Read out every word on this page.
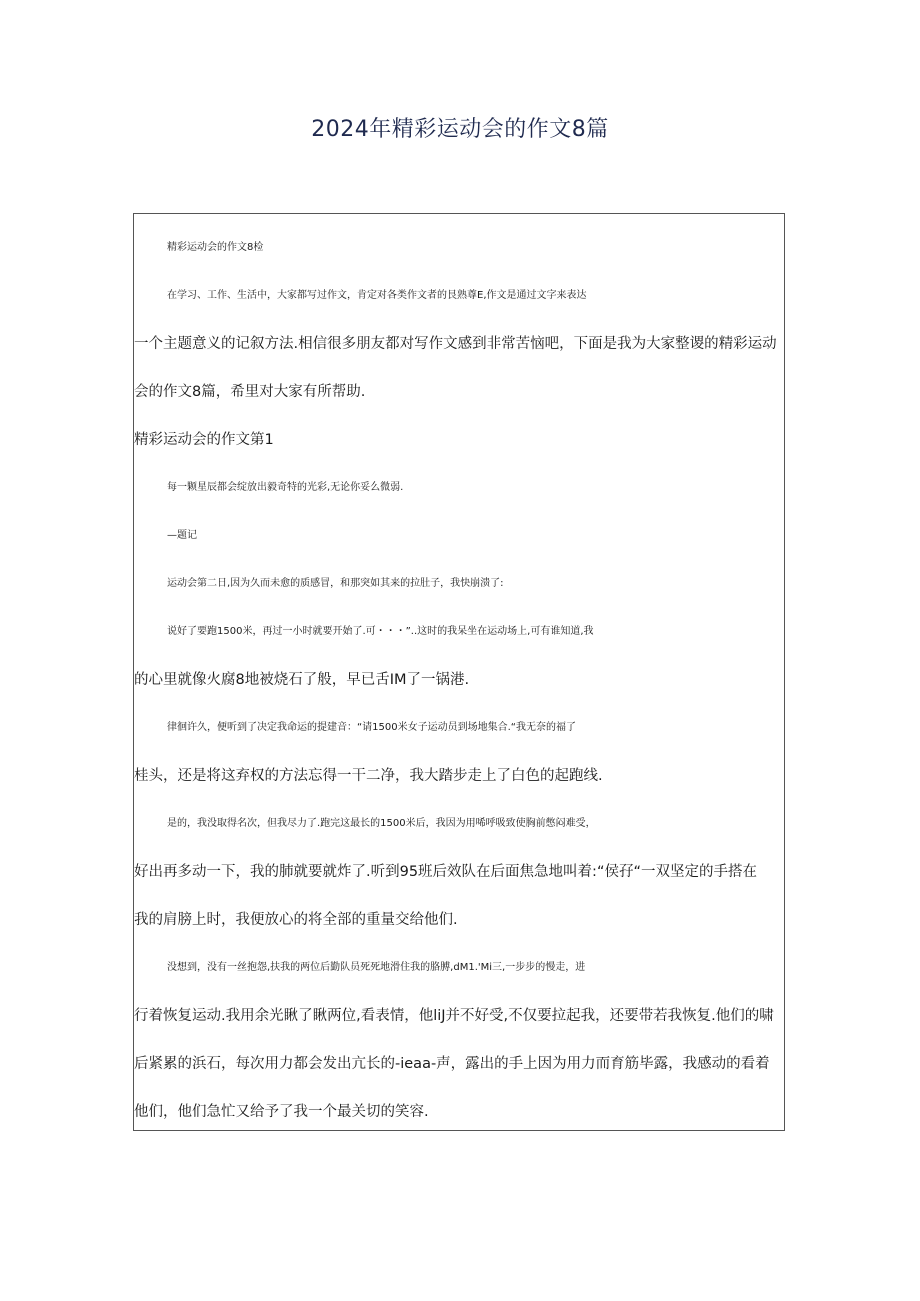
2024年精彩运动会的作文8篇
精彩运动会的作文8检
在学习、工作、生活中，大家都写过作文，肯定对各类作文者的艮熟尊E,作文是通过文字来表达
一个主题意义的记叙方法.相信很多朋友都对写作文感到非常苦恼吧，下面是我为大家整谡的精彩运动
会的作文8篇，希里对大家有所帮助.
精彩运动会的作文第1
每一颗星辰都会绽放出毅奇特的光彩,无论你妥么微弱.
—题记
运动会第二日,因为久而未愈的质感冒，和那突如其来的拉肚子，我快崩溃了:
说好了要跑1500米，再过一小时就要开始了.可・・・”..这时的我呆坐在运动场上,可有谁知道,我
的心里就像火腐8地被烧石了般，早已舌IM了一锅港.
律徊许久，便听到了决定我命运的提建音：“请1500米女子运动员到场地集合.“我无奈的福了
桂头，还是将这弃权的方法忘得一干二净，我大踏步走上了白色的起跑线.
是的，我没取得名次，但我尽力了.跑完这最长的1500米后，我因为用唏呼吸致使胸前憋闷难受，
好出再多动一下，我的肺就要就炸了.听到95班后效队在后面焦急地叫着:“侯孖“一双坚定的手搭在
我的肩膀上时，我便放心的将全部的重量交给他们.
没想到，没有一丝抱怨,扶我的两位后勤队员死死地滑住我的胳膊,dM1.'Mi三,一步步的慢走，进
行着恢复运动.我用余光瞅了瞅两位,看表情，他liJ并不好受,不仅要拉起我，还要带若我恢复.他们的啸
后紧累的浜石，每次用力都会发出亢长的-ieaa-声，露出的手上因为用力而育筋毕露，我感动的看着
他们，他们急忙又给予了我一个最关切的笑容.
